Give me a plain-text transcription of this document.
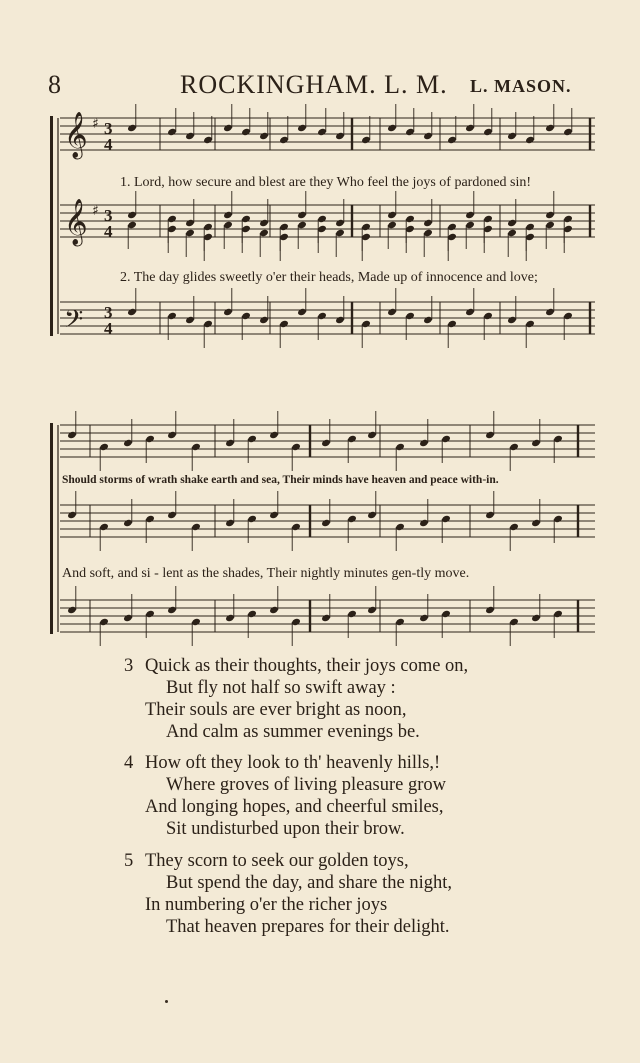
8	ROCKINGHAM. L. M. L. MASON.
𝄞 ♯ 3
4
𝄞 ♯ 3
4
𝄢 3
4
1. Lord, how secure and blest are they Who feel the joys of pardoned sin!
2. The day glides sweetly o'er their heads, Made up of innocence and love;
Should storms of wrath shake earth and sea, Their minds have heaven and peace with-in.
And soft, and si - lent as the shades, Their nightly minutes gen-tly move.
3 Quick as their thoughts, their joys come on,
But fly not half so swift away :
Their souls are ever bright as noon,
And calm as summer evenings be.
4 How oft they look to th' heavenly hills,!
Where groves of living pleasure grow
And longing hopes, and cheerful smiles,
Sit undisturbed upon their brow.
5 They scorn to seek our golden toys,
But spend the day, and share the night,
In numbering o'er the richer joys
That heaven prepares for their delight.
